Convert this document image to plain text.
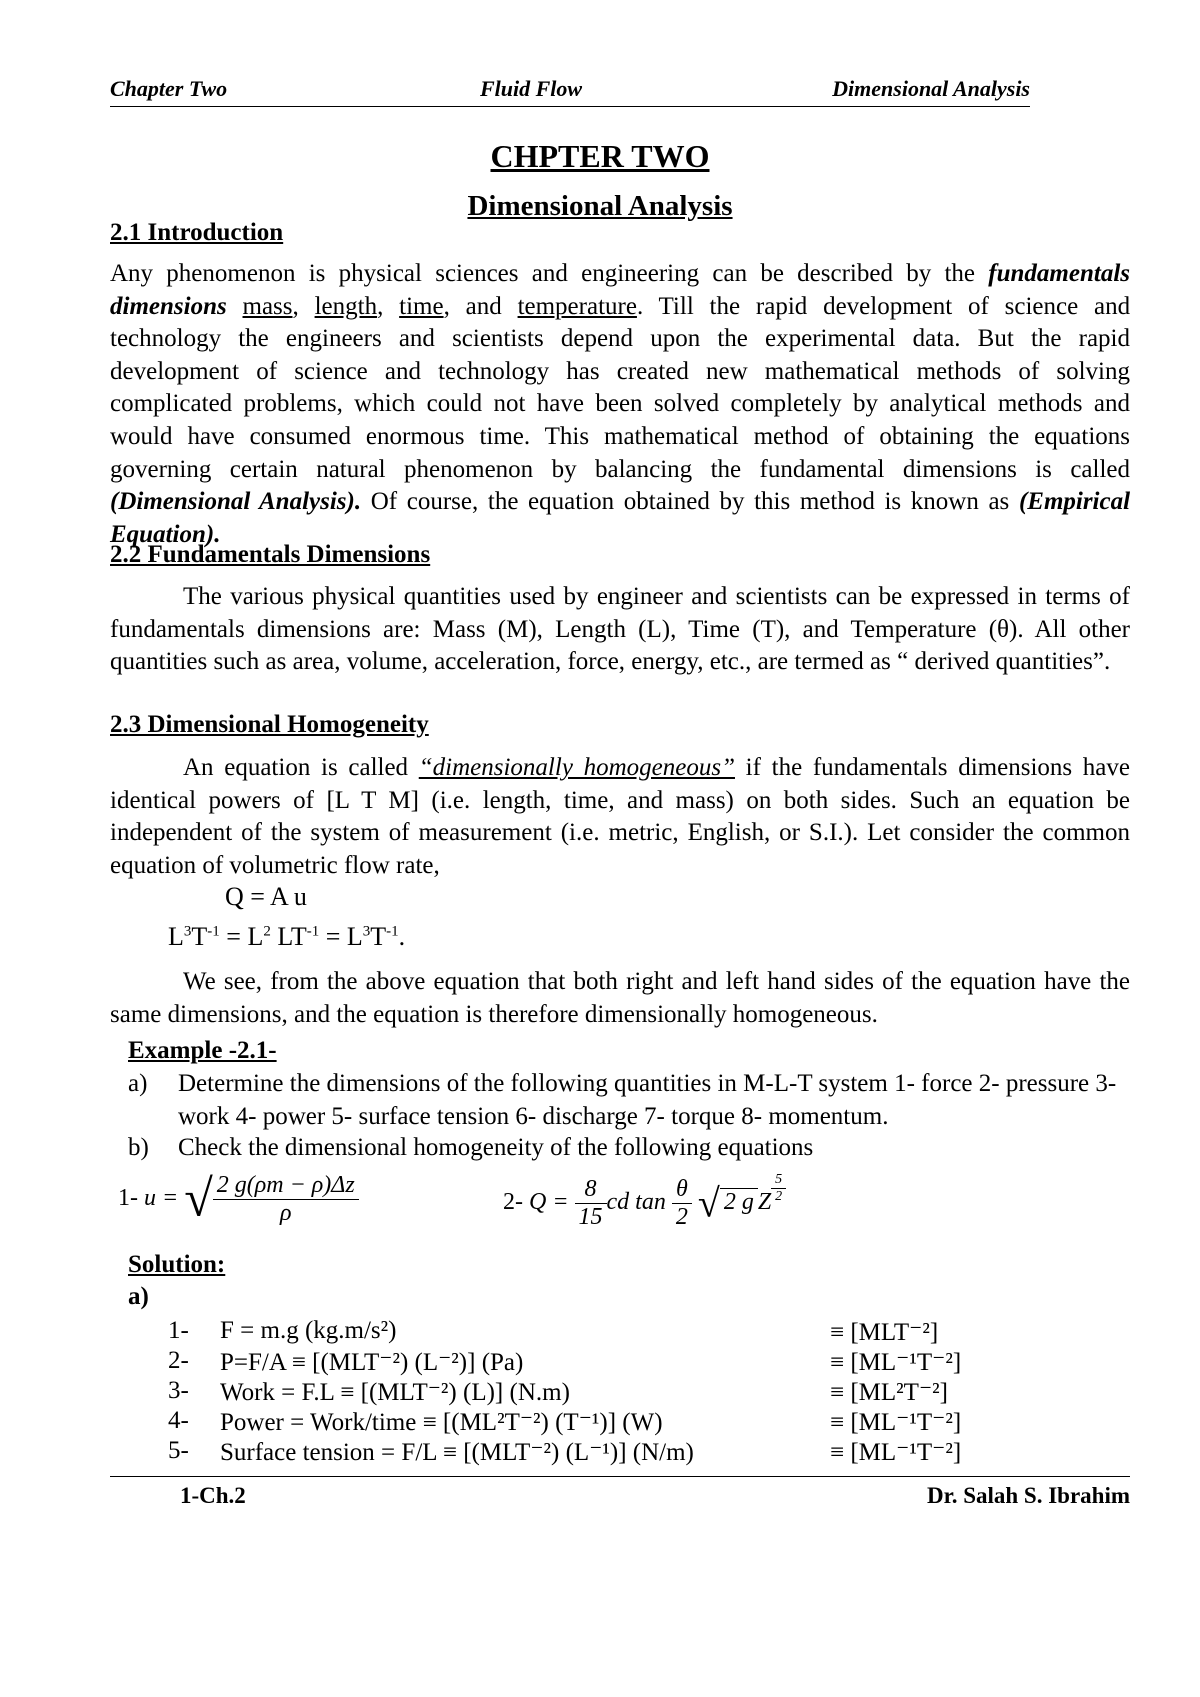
Chapter Two	Fluid Flow	Dimensional Analysis
CHPTER TWO
Dimensional Analysis
2.1 Introduction
Any phenomenon is physical sciences and engineering can be described by the fundamentals dimensions mass, length, time, and temperature. Till the rapid development of science and technology the engineers and scientists depend upon the experimental data. But the rapid development of science and technology has created new mathematical methods of solving complicated problems, which could not have been solved completely by analytical methods and would have consumed enormous time. This mathematical method of obtaining the equations governing certain natural phenomenon by balancing the fundamental dimensions is called (Dimensional Analysis). Of course, the equation obtained by this method is known as (Empirical Equation).
2.2 Fundamentals Dimensions
The various physical quantities used by engineer and scientists can be expressed in terms of fundamentals dimensions are: Mass (M), Length (L), Time (T), and Temperature (θ). All other quantities such as area, volume, acceleration, force, energy, etc., are termed as “ derived quantities”.
2.3 Dimensional Homogeneity
An equation is called “dimensionally homogeneous” if the fundamentals dimensions have identical powers of [L T M] (i.e. length, time, and mass) on both sides. Such an equation be independent of the system of measurement (i.e. metric, English, or S.I.). Let consider the common equation of volumetric flow rate,
Q = A u
$L^3T^{-1} = L^2$ $LT^{-1} = L^3T^{-1}$.
We see, from the above equation that both right and left hand sides of the equation have the same dimensions, and the equation is therefore dimensionally homogeneous.
Example -2.1-
a) Determine the dimensions of the following quantities in M-L-T system 1- force 2- pressure 3- work 4- power 5- surface tension 6- discharge 7- torque 8- momentum.
b) Check the dimensional homogeneity of the following equations
1- u = √ $\frac{2 g(\rho m - \rho)\Delta z}{\rho}$	2- $Q = \frac{8}{15}$ cd $\tan \frac{\theta}{2}$ √ 2 g Z $\frac{5}{2}$
Solution:
a)
1- F = m.g (kg.m/s²)	≡ [MLT⁻²]
2- P=F/A ≡ [(MLT⁻²) (L⁻²)] (Pa)	≡ [ML⁻¹T⁻²]
3- Work = F.L ≡ [(MLT⁻²) (L)] (N.m)	≡ [ML²T⁻²]
4- Power = Work/time ≡ [(ML²T⁻²) (T⁻¹)] (W)	≡ [ML⁻¹T⁻²]
5- Surface tension = F/L ≡ [(MLT⁻²) (L⁻¹)] (N/m)	≡ [ML⁻¹T⁻²]
1-Ch.2	Dr. Salah S. Ibrahim
